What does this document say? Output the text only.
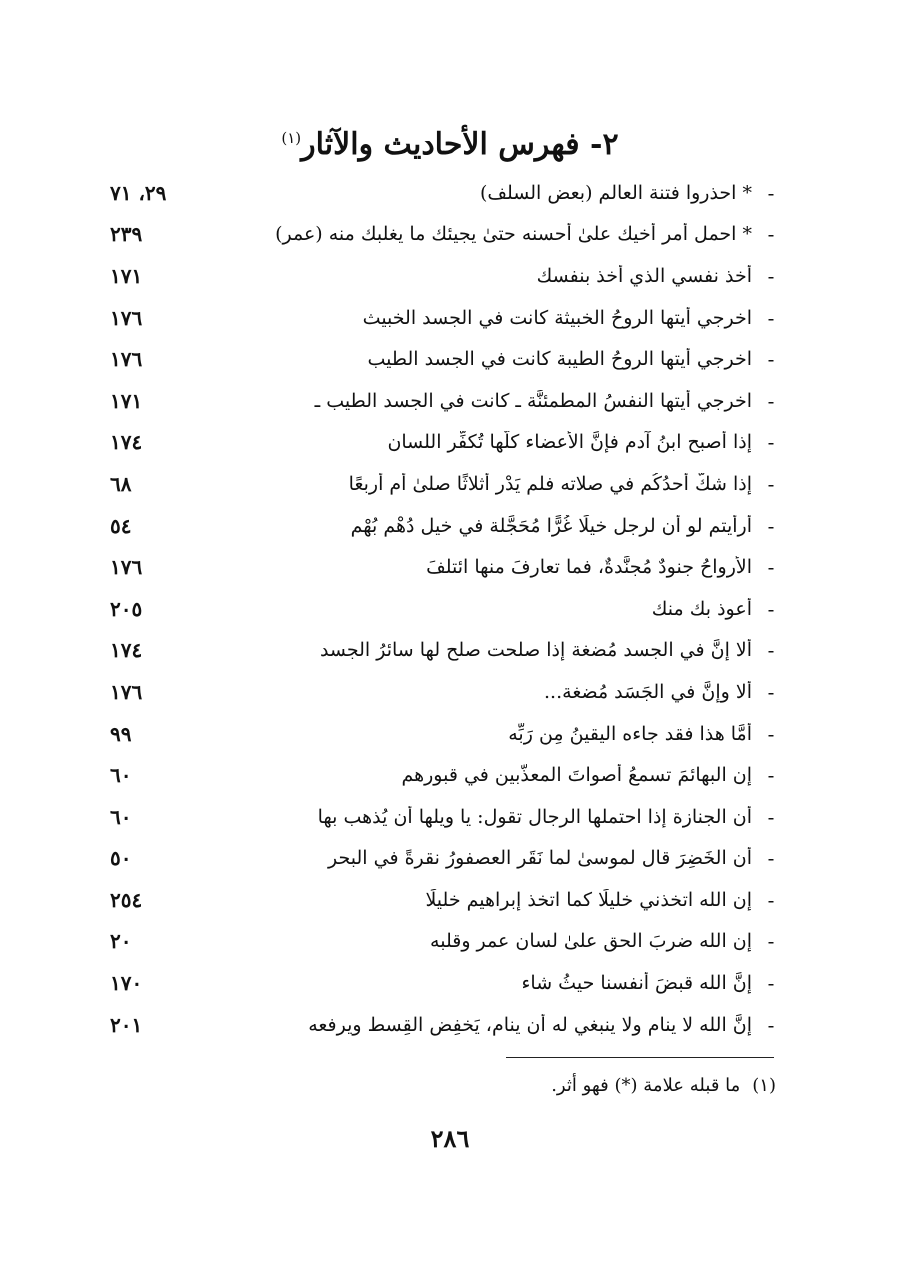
٢- فهرس الأحاديث والآثار$^{(١)}$
-
* احذروا فتنة العالم (بعض السلف)
٢٩، ٧١
-
* احمل أمر أخيك علىٰ أحسنه حتىٰ يجيئك ما يغلبك منه (عمر)
٢٣٩
-
أخذ نفسي الذي أخذ بنفسك
١٧١
-
اخرجي أيتها الروحُ الخبيثة كانت في الجسد الخبيث
١٧٦
-
اخرجي أيتها الروحُ الطيبة كانت في الجسد الطيب
١٧٦
-
اخرجي أيتها النفسُ المطمئنَّة ـ كانت في الجسد الطيب ـ
١٧١
-
إذا أصبح ابنُ آدم فإنَّ الأعضاء كلَّها تُكفِّر اللسان
١٧٤
-
إذا شكَّ أحدُكُم في صلاته فلم يَدْرِ أثلاثًا صلىٰ أم أربعًا
٦٨
-
أرأيتم لو أن لرجل خيلًا غُرًّا مُحَجَّلة في خيل دُهْم بُهْمٍ
٥٤
-
الأرواحُ جنودٌ مُجنَّدةٌ، فما تعارفَ منها ائتلفَ
١٧٦
-
أعوذ بك منك
٢٠٥
-
ألا إنَّ في الجسد مُضغة إذا صلحت صلح لها سائرُ الجسد
١٧٤
-
ألا وإنَّ في الجَسَد مُضغة...
١٧٦
-
أمَّا هذا فقد جاءه اليقينُ مِن رَبِّه
٩٩
-
إن البهائمَ تسمعُ أصواتَ المعذَّبين في قبورهم
٦٠
-
أن الجنازة إذا احتملها الرجال تقول: يا ويلها أن يُذهب بها
٦٠
-
أن الخَضِرَ قال لموسىٰ لما نَقَر العصفورُ نقرةً في البحر
٥٠
-
إن الله اتخذني خليلًا كما اتخذ إبراهيم خليلًا
٢٥٤
-
إن الله ضربَ الحق علىٰ لسان عمر وقلبه
٢٠
-
إنَّ الله قبضَ أنفسنا حيثُ شاء
١٧٠
-
إنَّ الله لا ينام ولا ينبغي له أن ينام، يَخفِض القِسط ويرفعه
٢٠١
(١)ما قبله علامة (*) فهو أثر.
٢٨٦
